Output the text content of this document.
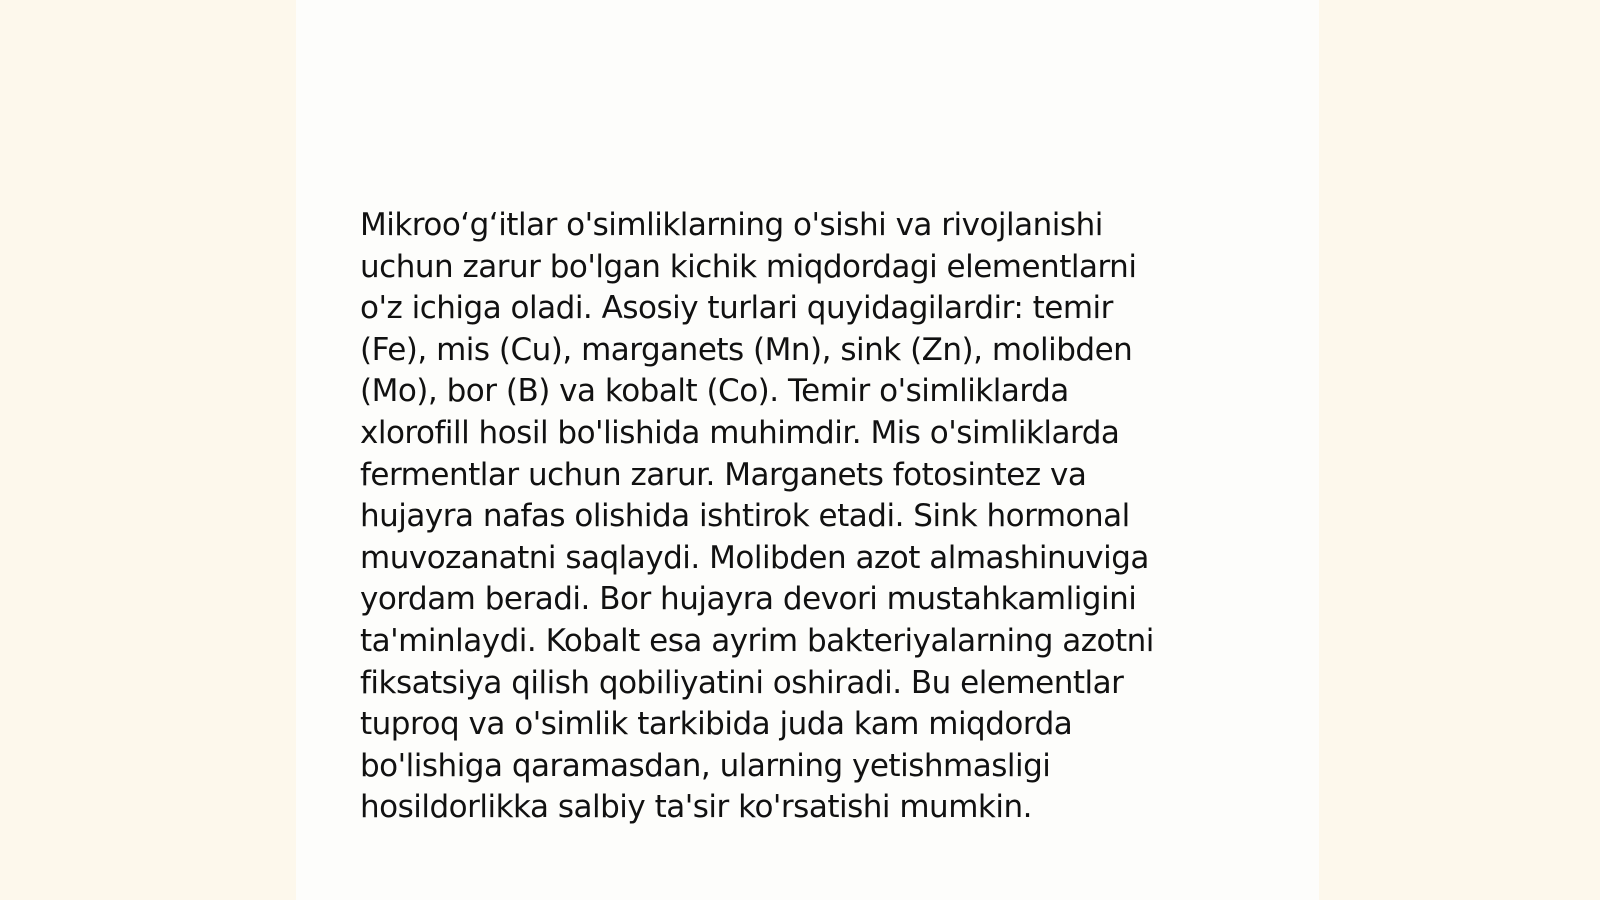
Mikroo‘g‘itlar o'simliklarning o'sishi va rivojlanishi
uchun zarur bo'lgan kichik miqdordagi elementlarni
o'z ichiga oladi. Asosiy turlari quyidagilardir: temir
(Fe), mis (Cu), marganets (Mn), sink (Zn), molibden
(Mo), bor (B) va kobalt (Co). Temir o'simliklarda
xlorofill hosil bo'lishida muhimdir. Mis o'simliklarda
fermentlar uchun zarur. Marganets fotosintez va
hujayra nafas olishida ishtirok etadi. Sink hormonal
muvozanatni saqlaydi. Molibden azot almashinuviga
yordam beradi. Bor hujayra devori mustahkamligini
ta'minlaydi. Kobalt esa ayrim bakteriyalarning azotni
fiksatsiya qilish qobiliyatini oshiradi. Bu elementlar
tuproq va o'simlik tarkibida juda kam miqdorda
bo'lishiga qaramasdan, ularning yetishmasligi
hosildorlikka salbiy ta'sir ko'rsatishi mumkin.
